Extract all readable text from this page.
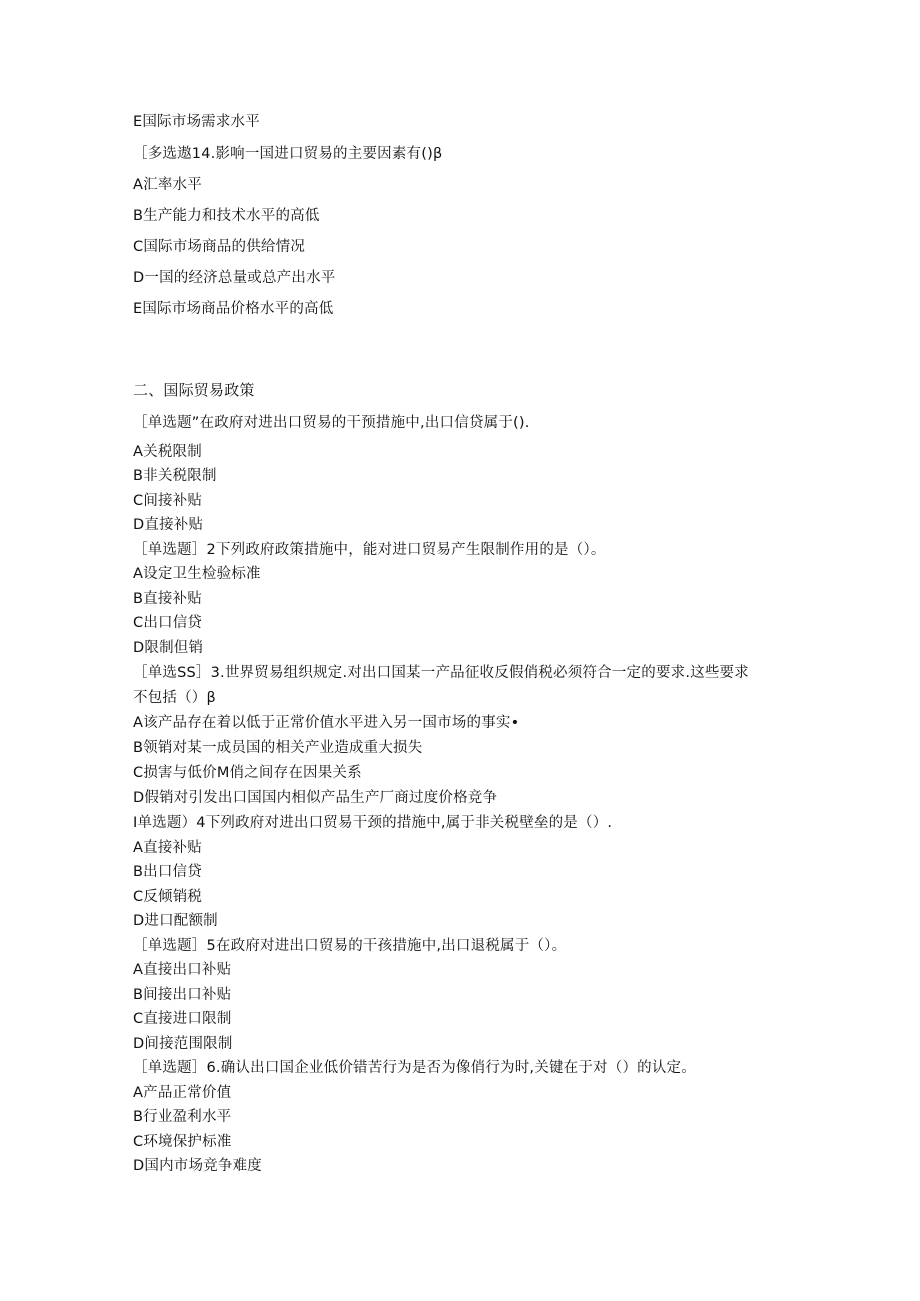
E国际市场需求水平
［多选遨14.影响一国进口贸易的主要因素有()β
A汇率水平
B生产能力和技术水平的高低
C国际市场商品的供给情况
D一国的经济总量或总产出水平
E国际市场商品价格水平的高低
二、国际贸易政策
［单选题”在政府对进出口贸易的干预措施中,出口信贷属于().
A关税限制
B非关税限制
C间接补贴
D直接补贴
［单选题］2下列政府政策措施中，能对进口贸易产生限制作用的是（）。
A设定卫生检验标准
B直接补贴
C出口信贷
D限制但销
［单选SS］3.世界贸易组织规定.对出口国某一产品征收反假俏税必须符合一定的要求.这些要求
不包括（）β
A该产品存在着以低于正常价值水平进入另一国市场的事实•
B领销对某一成员国的相关产业造成重大损失
C损害与低价M俏之间存在因果关系
D假销对引发出口国国内相似产品生产厂商过度价格竞争
I单选题）4下列政府对进出口贸易干颈的措施中,属于非关税壁垒的是（）.
A直接补贴
B出口信贷
C反倾销税
D进口配额制
［单选题］5在政府对进出口贸易的干孩措施中,出口退税属于（）。
A直接出口补贴
B间接出口补贴
C直接进口限制
D间接范围限制
［单选题］6.确认出口国企业低价错苦行为是否为像俏行为时,关键在于对（）的认定。
A产品正常价值
B行业盈利水平
C环境保护标准
D国内市场竞争难度
